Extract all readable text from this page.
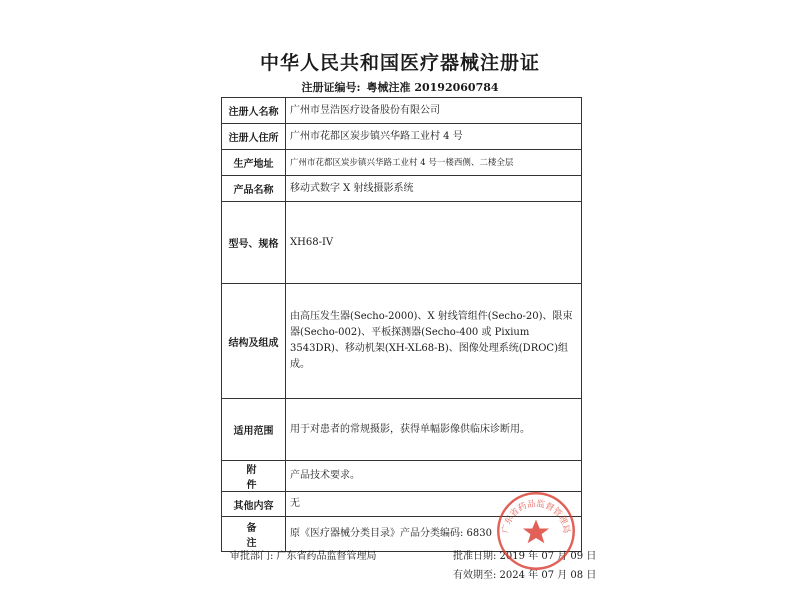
中华人民共和国医疗器械注册证
注册证编号: 粤械注准 20192060784
注册人名称	广州市昱浩医疗设备股份有限公司
注册人住所	广州市花都区炭步镇兴华路工业村 4 号
生产地址	广州市花都区炭步镇兴华路工业村 4 号一楼西侧、二楼全层
产品名称	移动式数字 X 射线摄影系统
型号、规格	XH68-IV
结构及组成	由高压发生器(Secho-2000)、X 射线管组件(Secho-20)、限束器(Secho-002)、平板探测器(Secho-400 或 Pixium 3543DR)、移动机架(XH-XL68-B)、图像处理系统(DROC)组成。
适用范围	用于对患者的常规摄影，获得单幅影像供临床诊断用。
附件	产品技术要求。
其他内容	无
备注	原《医疗器械分类目录》产品分类编码: 6830
审批部门: 广东省药品监督管理局	批准日期: 2019 年 07 月 09 日
有效期至: 2024 年 07 月 08 日
广东省药品监督管理局
